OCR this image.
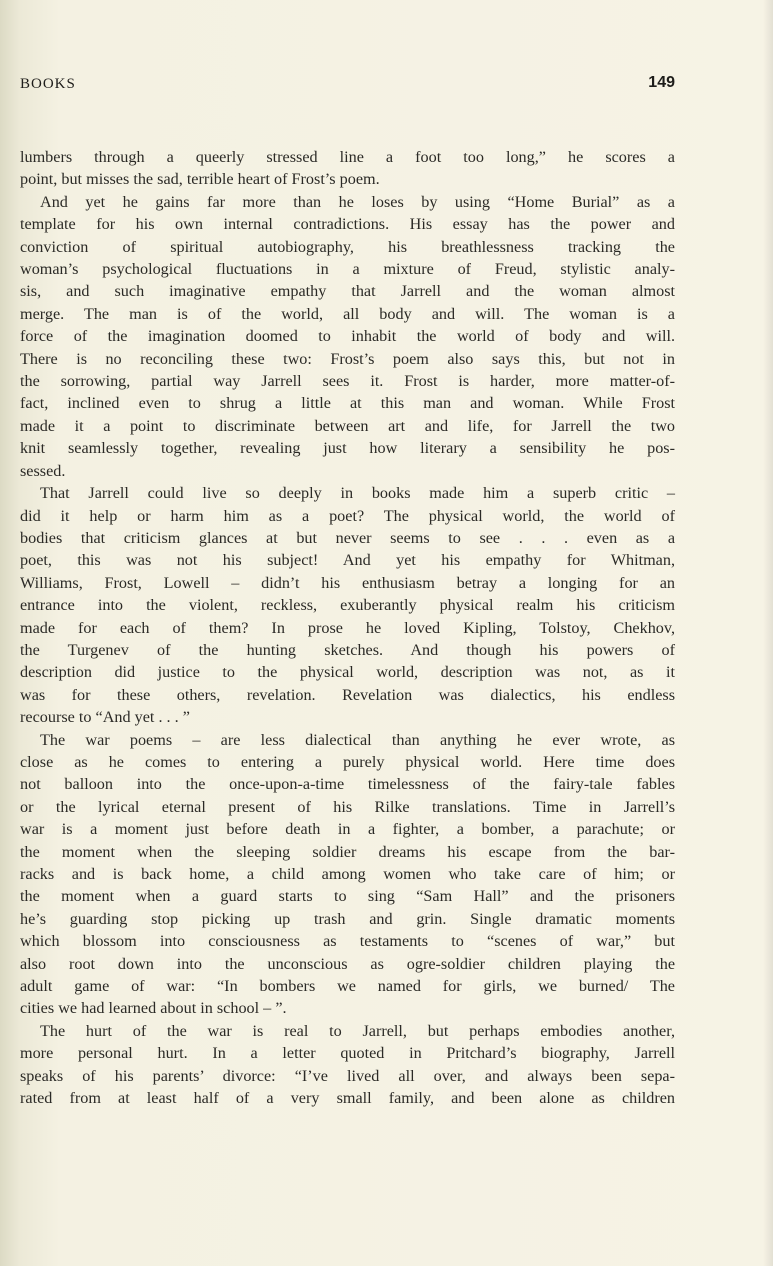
BOOKS	149
lumbers through a queerly stressed line a foot too long,” he scores a
point, but misses the sad, terrible heart of Frost’s poem.
And yet he gains far more than he loses by using “Home Burial” as a
template for his own internal contradictions. His essay has the power and
conviction of spiritual autobiography, his breathlessness tracking the
woman’s psychological fluctuations in a mixture of Freud, stylistic analy-
sis, and such imaginative empathy that Jarrell and the woman almost
merge. The man is of the world, all body and will. The woman is a
force of the imagination doomed to inhabit the world of body and will.
There is no reconciling these two: Frost’s poem also says this, but not in
the sorrowing, partial way Jarrell sees it. Frost is harder, more matter-of-
fact, inclined even to shrug a little at this man and woman. While Frost
made it a point to discriminate between art and life, for Jarrell the two
knit seamlessly together, revealing just how literary a sensibility he pos-
sessed.
That Jarrell could live so deeply in books made him a superb critic –
did it help or harm him as a poet? The physical world, the world of
bodies that criticism glances at but never seems to see . . . even as a
poet, this was not his subject! And yet his empathy for Whitman,
Williams, Frost, Lowell – didn’t his enthusiasm betray a longing for an
entrance into the violent, reckless, exuberantly physical realm his criticism
made for each of them? In prose he loved Kipling, Tolstoy, Chekhov,
the Turgenev of the hunting sketches. And though his powers of
description did justice to the physical world, description was not, as it
was for these others, revelation. Revelation was dialectics, his endless
recourse to “And yet . . . ”
The war poems – are less dialectical than anything he ever wrote, as
close as he comes to entering a purely physical world. Here time does
not balloon into the once-upon-a-time timelessness of the fairy-tale fables
or the lyrical eternal present of his Rilke translations. Time in Jarrell’s
war is a moment just before death in a fighter, a bomber, a parachute; or
the moment when the sleeping soldier dreams his escape from the bar-
racks and is back home, a child among women who take care of him; or
the moment when a guard starts to sing “Sam Hall” and the prisoners
he’s guarding stop picking up trash and grin. Single dramatic moments
which blossom into consciousness as testaments to “scenes of war,” but
also root down into the unconscious as ogre-soldier children playing the
adult game of war: “In bombers we named for girls, we burned/ The
cities we had learned about in school – ”.
The hurt of the war is real to Jarrell, but perhaps embodies another,
more personal hurt. In a letter quoted in Pritchard’s biography, Jarrell
speaks of his parents’ divorce: “I’ve lived all over, and always been sepa-
rated from at least half of a very small family, and been alone as children
